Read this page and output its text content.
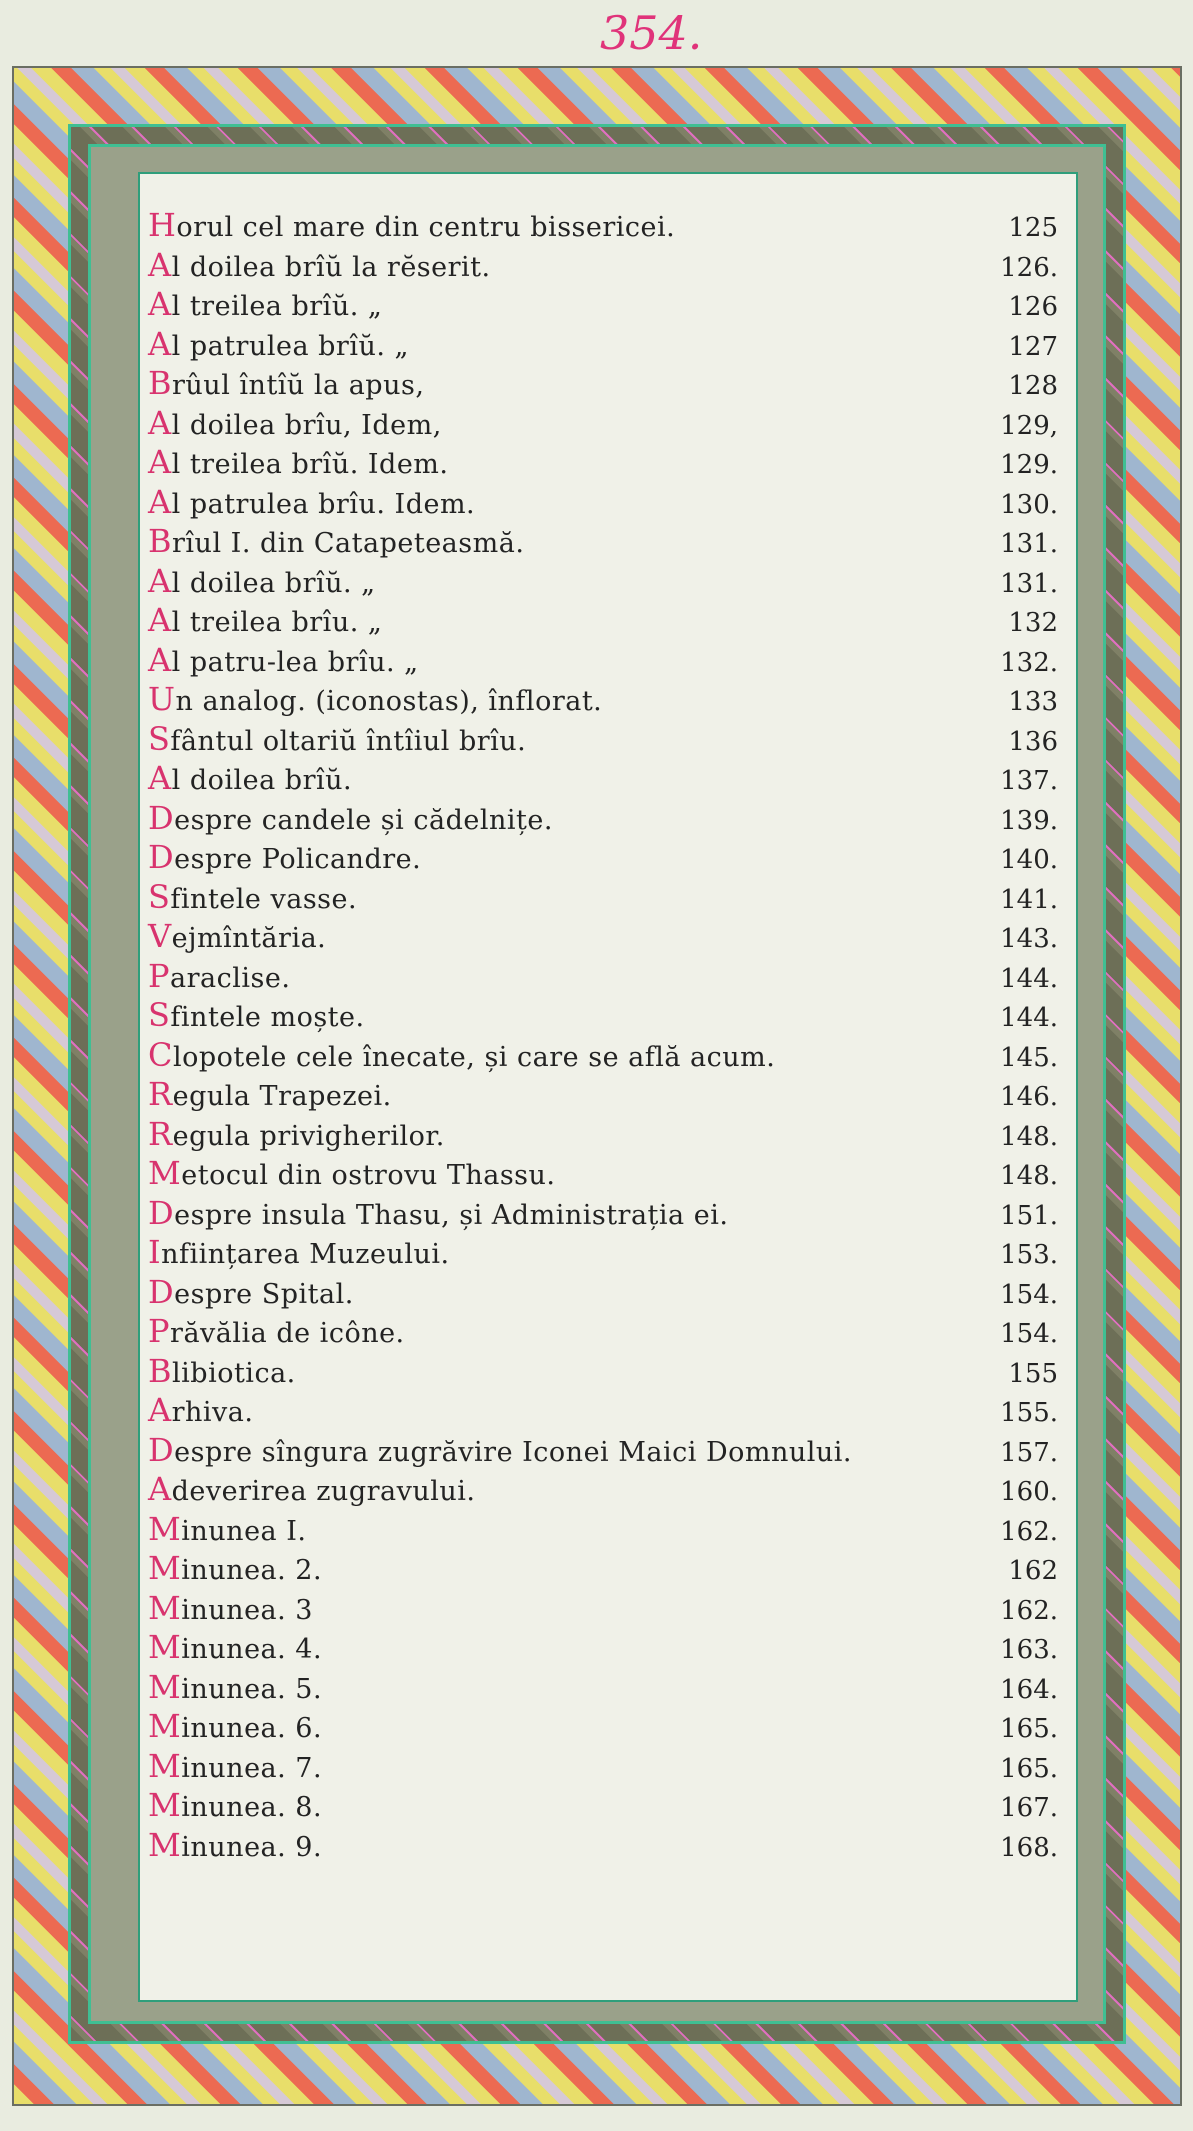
354.
Horul cel mare din centru bissericei.	125
Al doilea brîŭ la rĕserit.	126.
Al treilea brîŭ. „	126
Al patrulea brîŭ. „	127
Brûul întîŭ la apus,	128
Al doilea brîu, Idem,	129,
Al treilea brîŭ. Idem.	129.
Al patrulea brîu. Idem.	130.
Brîul I. din Catapeteasmă.	131.
Al doilea brîŭ. „	131.
Al treilea brîu. „	132
Al patru-lea brîu. „	132.
Un analog. (iconostas), înflorat.	133
Sfântul oltariŭ întîiul brîu.	136
Al doilea brîŭ.	137.
Despre candele și cădelnițe.	139.
Despre Policandre.	140.
Sfintele vasse.	141.
Vejmîntăria.	143.
Paraclise.	144.
Sfintele moște.	144.
Clopotele cele înecate, și care se află acum.	145.
Regula Trapezei.	146.
Regula privigherilor.	148.
Metocul din ostrovu Thassu.	148.
Despre insula Thasu, și Administrația ei.	151.
Inființarea Muzeului.	153.
Despre Spital.	154.
Prăvălia de icône.	154.
Blibiotica.	155
Arhiva.	155.
Despre sîngura zugrăvire Iconei Maici Domnului.	157.
Adeverirea zugravului.	160.
Minunea I.	162.
Minunea. 2.	162
Minunea. 3	162.
Minunea. 4.	163.
Minunea. 5.	164.
Minunea. 6.	165.
Minunea. 7.	165.
Minunea. 8.	167.
Minunea. 9.	168.
